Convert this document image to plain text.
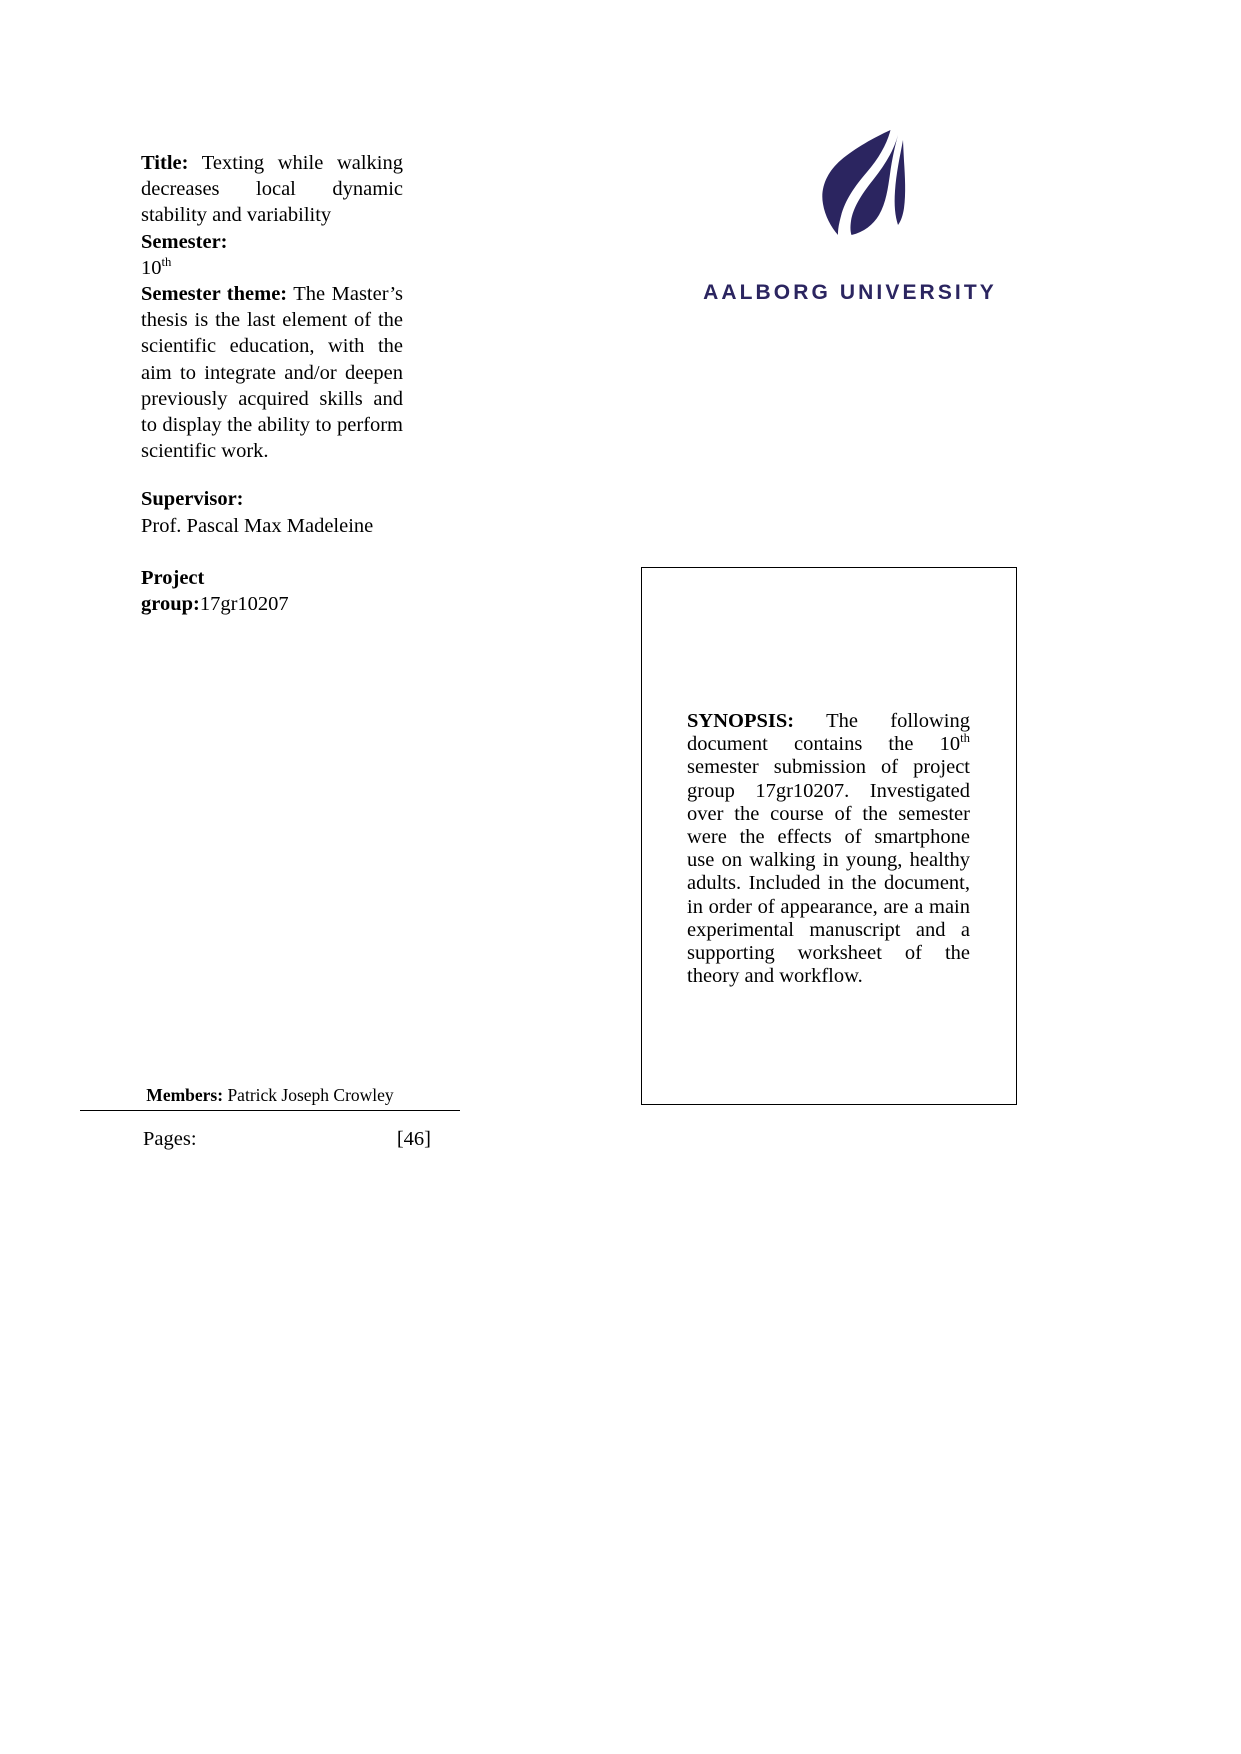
Title: Texting while walking decreases local dynamic stability and variability
Semester:
10th
Semester theme: The Master’s thesis is the last element of the scientific education, with the aim to integrate and/or deepen previously acquired skills and to display the ability to perform scientific work.
Supervisor:
Prof. Pascal Max Madeleine
Project
group:17gr10207
Members: Patrick Joseph Crowley
Pages:	[46]
AALBORG UNIVERSITY
SYNOPSIS: The following document contains the 10th semester submission of project group 17gr10207. Investigated over the course of the semester were the effects of smartphone use on walking in young, healthy adults. Included in the document, in order of appearance, are a main experimental manuscript and a supporting worksheet of the theory and workflow.
